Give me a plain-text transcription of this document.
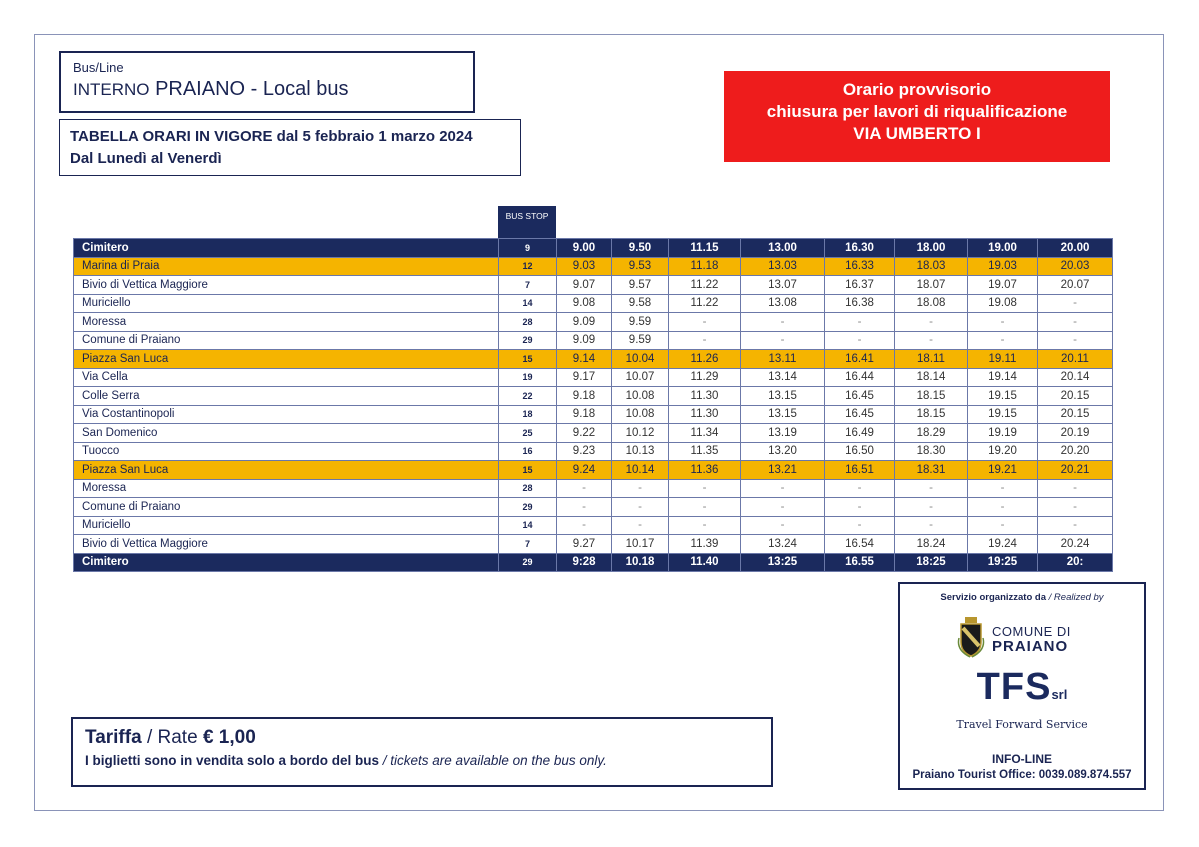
Bus/Line
INTERNO PRAIANO - Local bus
TABELLA ORARI IN VIGORE dal 5 febbraio 1 marzo 2024
Dal Lunedì al Venerdì
Orario provvisorio
chiusura per lavori di riqualificazione
VIA UMBERTO I
BUS STOP
Cimitero	9	9.00	9.50	11.15	13.00	16.30	18.00	19.00	20.00
Marina di Praia	12	9.03	9.53	11.18	13.03	16.33	18.03	19.03	20.03
Bivio di Vettica Maggiore	7	9.07	9.57	11.22	13.07	16.37	18.07	19.07	20.07
Muriciello	14	9.08	9.58	11.22	13.08	16.38	18.08	19.08	-
Moressa	28	9.09	9.59	-	-	-	-	-	-
Comune di Praiano	29	9.09	9.59	-	-	-	-	-	-
Piazza San Luca	15	9.14	10.04	11.26	13.11	16.41	18.11	19.11	20.11
Via Cella	19	9.17	10.07	11.29	13.14	16.44	18.14	19.14	20.14
Colle Serra	22	9.18	10.08	11.30	13.15	16.45	18.15	19.15	20.15
Via Costantinopoli	18	9.18	10.08	11.30	13.15	16.45	18.15	19.15	20.15
San Domenico	25	9.22	10.12	11.34	13.19	16.49	18.29	19.19	20.19
Tuocco	16	9.23	10.13	11.35	13.20	16.50	18.30	19.20	20.20
Piazza San Luca	15	9.24	10.14	11.36	13.21	16.51	18.31	19.21	20.21
Moressa	28	-	-	-	-	-	-	-	-
Comune di Praiano	29	-	-	-	-	-	-	-	-
Muriciello	14	-	-	-	-	-	-	-	-
Bivio di Vettica Maggiore	7	9.27	10.17	11.39	13.24	16.54	18.24	19.24	20.24
Cimitero	29	9:28	10.18	11.40	13:25	16.55	18:25	19:25	20:
Tariffa / Rate € 1,00
I biglietti sono in vendita solo a bordo del bus / tickets are available on the bus only.
Servizio organizzato da / Realized by
COMUNE DI
PRAIANO
TFSsrl
Travel Forward Service
INFO-LINE
Praiano Tourist Office: 0039.089.874.557
